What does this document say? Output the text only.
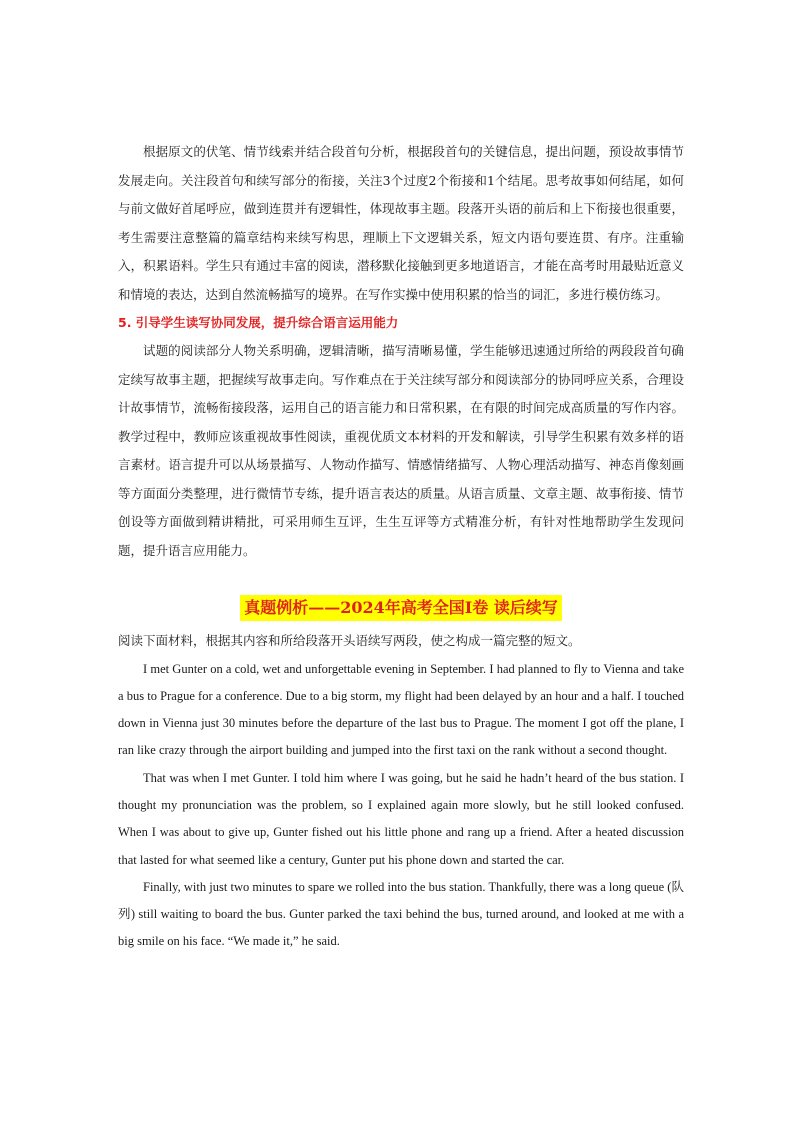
根据原文的伏笔、情节线索并结合段首句分析，根据段首句的关键信息，提出问题，预设故事情节发展走向。关注段首句和续写部分的衔接，关注3个过度2个衔接和1个结尾。思考故事如何结尾，如何与前文做好首尾呼应，做到连贯并有逻辑性，体现故事主题。段落开头语的前后和上下衔接也很重要，考生需要注意整篇的篇章结构来续写构思，理顺上下文逻辑关系，短文内语句要连贯、有序。注重输入，积累语料。学生只有通过丰富的阅读，潜移默化接触到更多地道语言，才能在高考时用最贴近意义和情境的表达，达到自然流畅描写的境界。在写作实操中使用积累的恰当的词汇，多进行模仿练习。

5. 引导学生读写协同发展，提升综合语言运用能力

试题的阅读部分人物关系明确，逻辑清晰，描写清晰易懂，学生能够迅速通过所给的两段段首句确定续写故事主题，把握续写故事走向。写作难点在于关注续写部分和阅读部分的协同呼应关系，合理设计故事情节，流畅衔接段落，运用自己的语言能力和日常积累，在有限的时间完成高质量的写作内容。教学过程中，教师应该重视故事性阅读，重视优质文本材料的开发和解读，引导学生积累有效多样的语言素材。语言提升可以从场景描写、人物动作描写、情感情绪描写、人物心理活动描写、神态肖像刻画等方面面分类整理，进行微情节专练，提升语言表达的质量。从语言质量、文章主题、故事衔接、情节创设等方面做到精讲精批，可采用师生互评，生生互评等方式精准分析，有针对性地帮助学生发现问题，提升语言应用能力。

真题例析——2024年高考全国I卷 读后续写

阅读下面材料，根据其内容和所给段落开头语续写两段，使之构成一篇完整的短文。

I met Gunter on a cold, wet and unforgettable evening in September. I had planned to fly to Vienna and take a bus to Prague for a conference. Due to a big storm, my flight had been delayed by an hour and a half. I touched down in Vienna just 30 minutes before the departure of the last bus to Prague. The moment I got off the plane, I ran like crazy through the airport building and jumped into the first taxi on the rank without a second thought.

That was when I met Gunter. I told him where I was going, but he said he hadn’t heard of the bus station. I thought my pronunciation was the problem, so I explained again more slowly, but he still looked confused. When I was about to give up, Gunter fished out his little phone and rang up a friend. After a heated discussion that lasted for what seemed like a century, Gunter put his phone down and started the car.

Finally, with just two minutes to spare we rolled into the bus station. Thankfully, there was a long queue (队列) still waiting to board the bus. Gunter parked the taxi behind the bus, turned around, and looked at me with a big smile on his face. “We made it,” he said.
